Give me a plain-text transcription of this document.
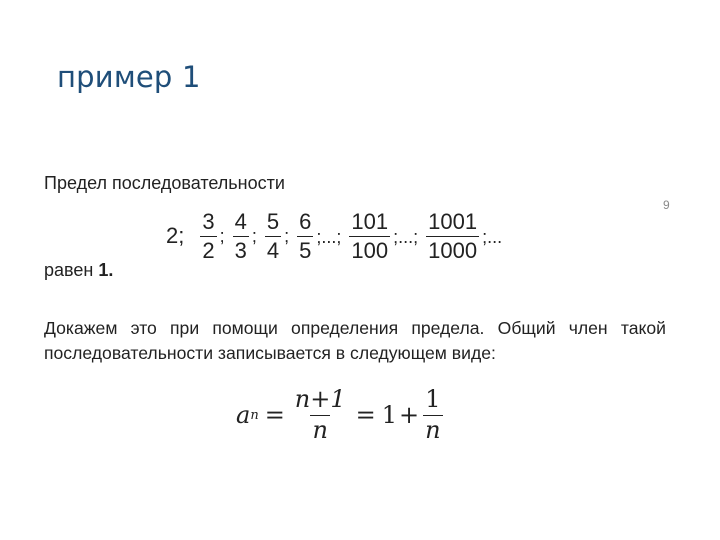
пример 1
Предел последовательности
9
2; $\frac{3}{2}$ ; $\frac{4}{3}$ ; $\frac{5}{4}$ ; $\frac{6}{5}$ ;...; $\frac{101}{100}$ ;...; $\frac{1001}{1000}$ ;...
равен 1.
Докажем это при помощи определения предела. Общий член такой последовательности записывается в следующем виде:
a $n = \frac{n+1}{n} = 1 + \frac{1}{n}$
